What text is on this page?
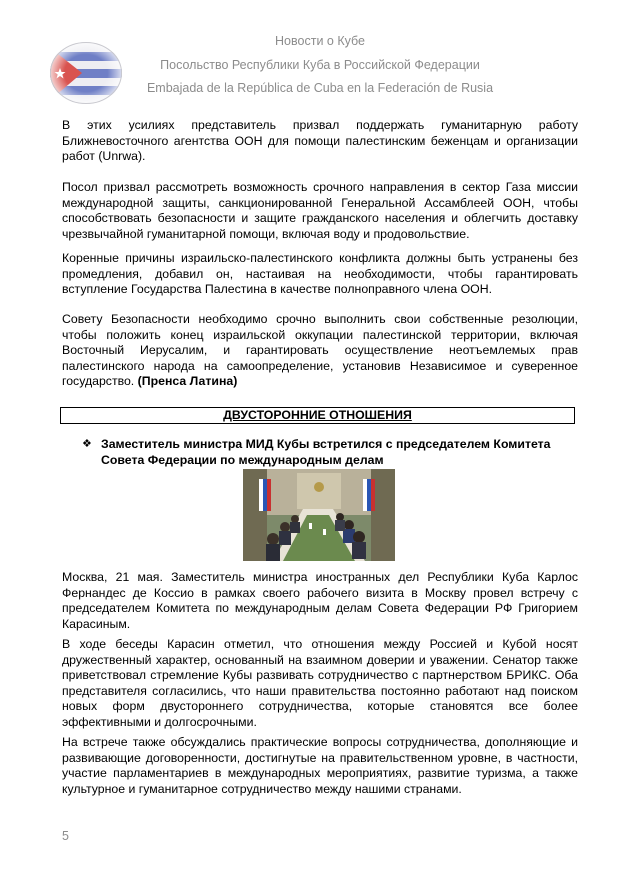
Новости о Кубе
Посольство Республики Куба в Российской Федерации
Embajada de la República de Cuba en la Federación de Rusia

В этих усилиях представитель призвал поддержать гуманитарную работу Ближневосточного агентства ООН для помощи палестинским беженцам и организации работ (Unrwa).

Посол призвал рассмотреть возможность срочного направления в сектор Газа миссии международной защиты, санкционированной Генеральной Ассамблеей ООН, чтобы способствовать безопасности и защите гражданского населения и облегчить доставку чрезвычайной гуманитарной помощи, включая воду и продовольствие.

Коренные причины израильско-палестинского конфликта должны быть устранены без промедления, добавил он, настаивая на необходимости, чтобы гарантировать вступление Государства Палестина в качестве полноправного члена ООН.

Совету Безопасности необходимо срочно выполнить свои собственные резолюции, чтобы положить конец израильской оккупации палестинской территории, включая Восточный Иерусалим, и гарантировать осуществление неотъемлемых прав палестинского народа на самоопределение, установив Независимое и суверенное государство. (Пренса Латина)

ДВУСТОРОННИЕ ОТНОШЕНИЯ
❖ Заместитель министра МИД Кубы встретился с председателем Комитета Совета Федерации по международным делам

Москва, 21 мая. Заместитель министра иностранных дел Республики Куба Карлос Фернандес де Коссио в рамках своего рабочего визита в Москву провел встречу с председателем Комитета по международным делам Совета Федерации РФ Григорием Карасиным.

В ходе беседы Карасин отметил, что отношения между Россией и Кубой носят дружественный характер, основанный на взаимном доверии и уважении. Сенатор также приветствовал стремление Кубы развивать сотрудничество с партнерством БРИКС. Оба представителя согласились, что наши правительства постоянно работают над поиском новых форм двустороннего сотрудничества, которые становятся все более эффективными и долгосрочными.

На встрече также обсуждались практические вопросы сотрудничества, дополняющие и развивающие договоренности, достигнутые на правительственном уровне, в частности, участие парламентариев в международных мероприятиях, развитие туризма, а также культурное и гуманитарное сотрудничество между нашими странами.

5
